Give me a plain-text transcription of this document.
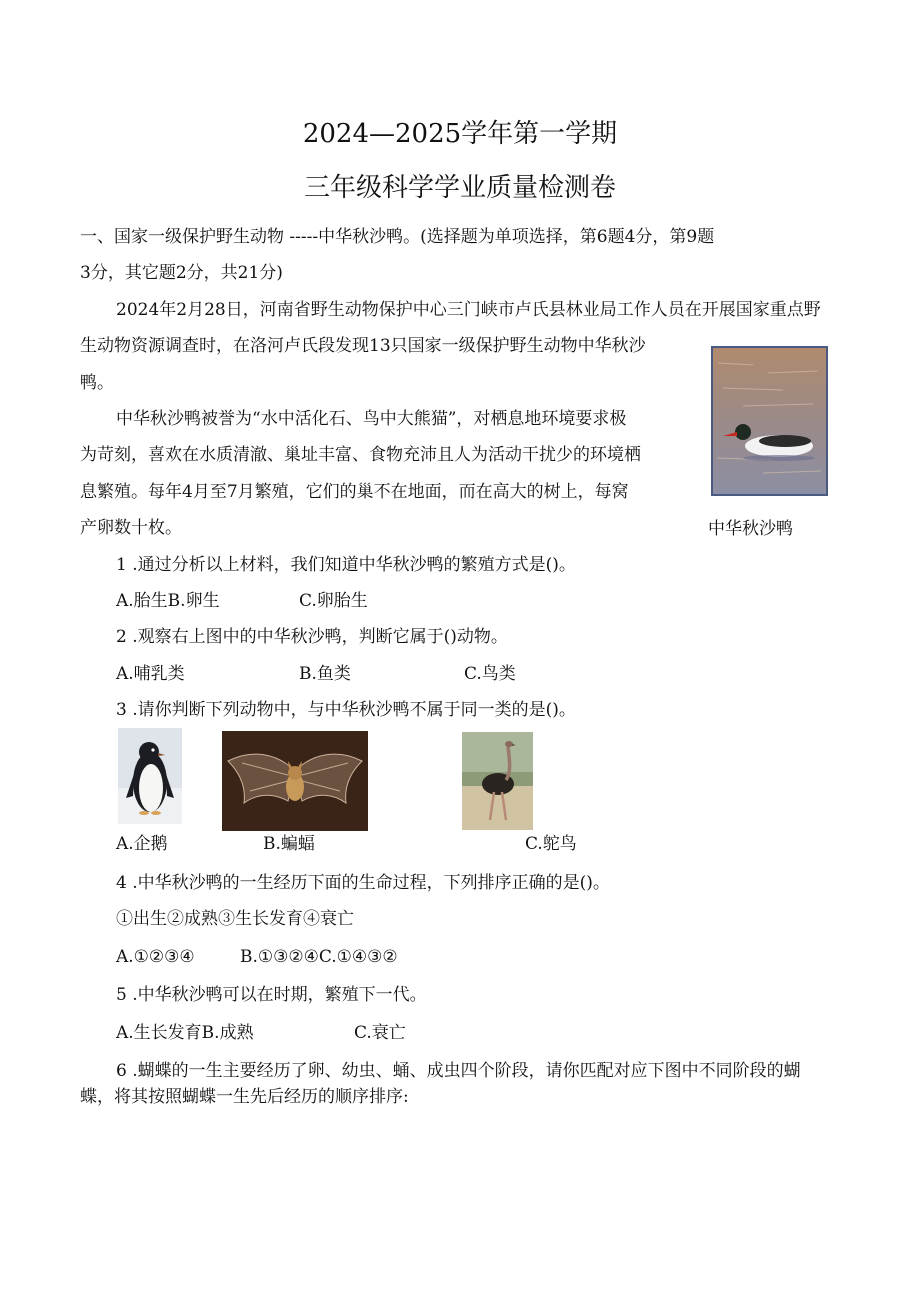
2024—2025学年第一学期
三年级科学学业质量检测卷
一、国家一级保护野生动物 -----中华秋沙鸭。(选择题为单项选择，第6题4分，第9题
3分，其它题2分，共21分)
2024年2月28日，河南省野生动物保护中心三门峡市卢氏县林业局工作人员在开展国家重点野
生动物资源调查时，在洛河卢氏段发现13只国家一级保护野生动物中华秋沙
鸭。
中华秋沙鸭被誉为“水中活化石、鸟中大熊猫”，对栖息地环境要求极
为苛刻，喜欢在水质清澈、巢址丰富、食物充沛且人为活动干扰少的环境栖
息繁殖。每年4月至7月繁殖，它们的巢不在地面，而在高大的树上，每窝
产卵数十枚。	中华秋沙鸭
1 .通过分析以上材料，我们知道中华秋沙鸭的繁殖方式是()。
A.胎生B.卵生	C.卵胎生
2 .观察右上图中的中华秋沙鸭，判断它属于()动物。
A.哺乳类	B.鱼类	C.鸟类
3 .请你判断下列动物中，与中华秋沙鸭不属于同一类的是()。
A.企鹅	B.蝙蝠	C.鸵鸟
4 .中华秋沙鸭的一生经历下面的生命过程，下列排序正确的是()。
①出生②成熟③生长发育④衰亡
A.①②③④	B.①③②④C.①④③②
5 .中华秋沙鸭可以在时期，繁殖下一代。
A.生长发育B.成熟	C.衰亡
6 .蝴蝶的一生主要经历了卵、幼虫、蛹、成虫四个阶段，请你匹配对应下图中不同阶段的蝴
蝶，将其按照蝴蝶一生先后经历的顺序排序:
